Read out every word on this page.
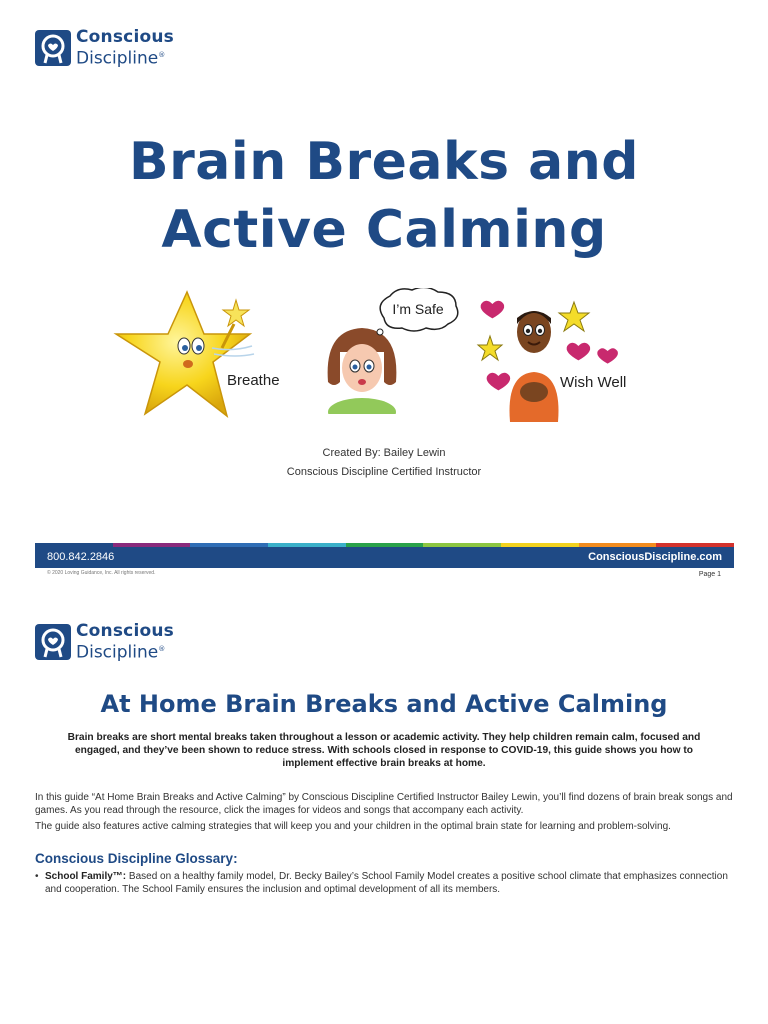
Conscious
Discipline®
Brain Breaks and
Active Calming
Breathe
I’m Safe
Wish Well
Created By: Bailey Lewin
Conscious Discipline Certified Instructor
800.842.2846	ConsciousDiscipline.com
© 2020 Loving Guidance, Inc. All rights reserved.	Page 1
Conscious
Discipline®
At Home Brain Breaks and Active Calming
Brain breaks are short mental breaks taken throughout a lesson or academic activity. They help children remain calm, focused and engaged, and they’ve been shown to reduce stress. With schools closed in response to COVID-19, this guide shows you how to implement effective brain breaks at home.
In this guide “At Home Brain Breaks and Active Calming” by Conscious Discipline Certified Instructor Bailey Lewin, you’ll find dozens of brain break songs and games. As you read through the resource, click the images for videos and songs that accompany each activity.
The guide also features active calming strategies that will keep you and your children in the optimal brain state for learning and problem-solving.
Conscious Discipline Glossary:
• School Family™: Based on a healthy family model, Dr. Becky Bailey’s School Family Model creates a positive school climate that emphasizes connection and cooperation. The School Family ensures the inclusion and optimal development of all its members.
